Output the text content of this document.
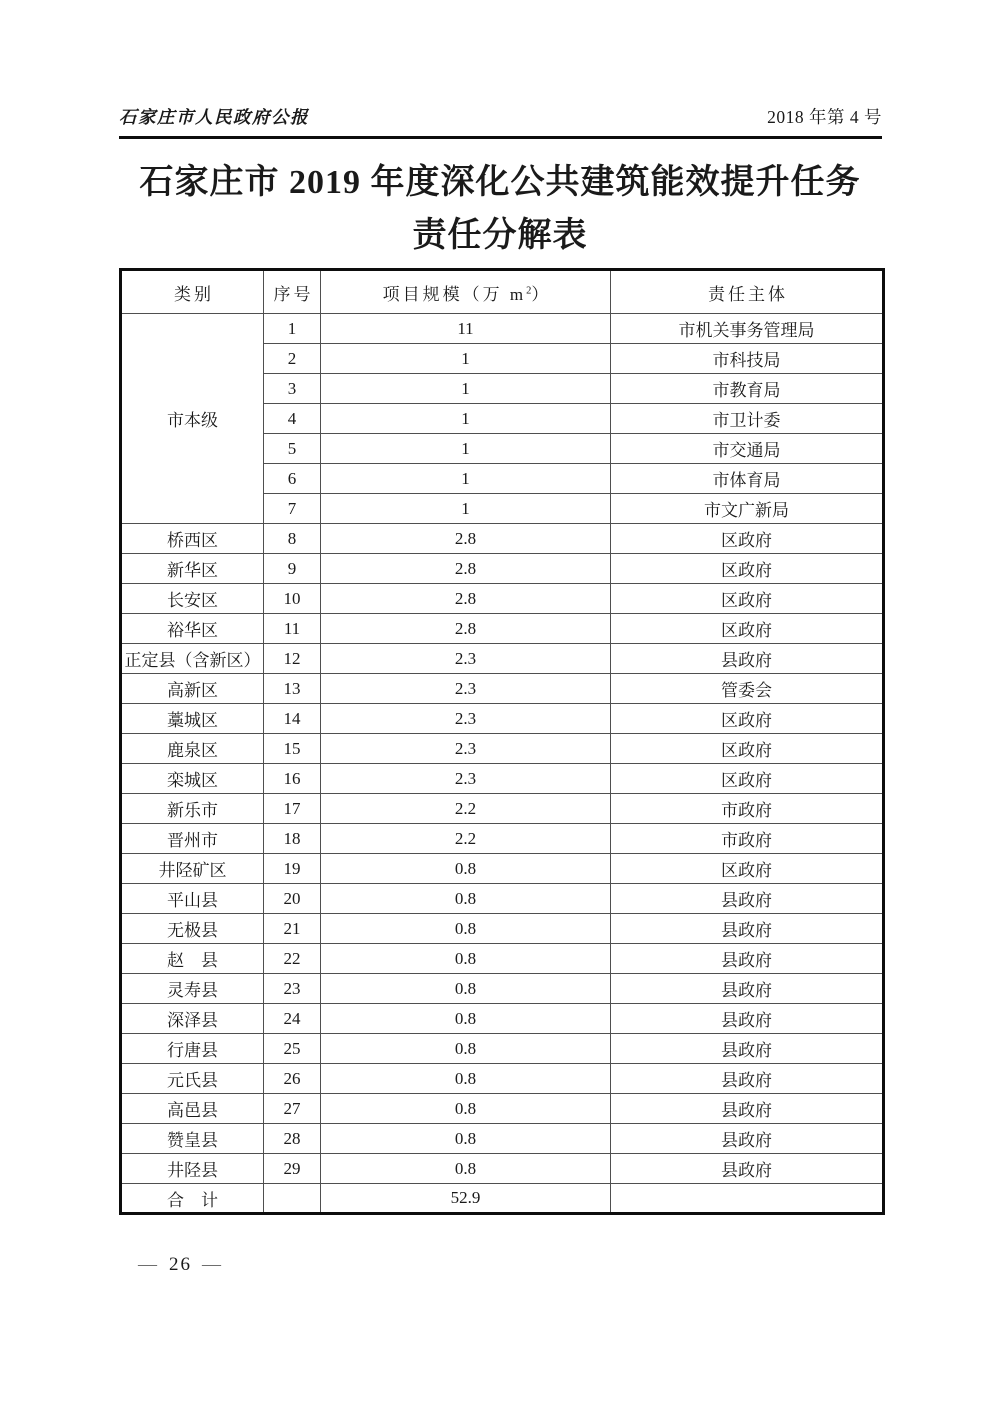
石家庄市人民政府公报	2018 年第 4 号
石家庄市 2019 年度深化公共建筑能效提升任务
责任分解表
类别	序号	项目规模（万 $m^2$）	责任主体
市本级	1	11	市机关事务管理局
	2	1	市科技局
	3	1	市教育局
	4	1	市卫计委
	5	1	市交通局
	6	1	市体育局
	7	1	市文广新局
桥西区	8	2.8	区政府
新华区	9	2.8	区政府
长安区	10	2.8	区政府
裕华区	11	2.8	区政府
正定县（含新区）	12	2.3	县政府
高新区	13	2.3	管委会
藁城区	14	2.3	区政府
鹿泉区	15	2.3	区政府
栾城区	16	2.3	区政府
新乐市	17	2.2	市政府
晋州市	18	2.2	市政府
井陉矿区	19	0.8	区政府
平山县	20	0.8	县政府
无极县	21	0.8	县政府
赵　县	22	0.8	县政府
灵寿县	23	0.8	县政府
深泽县	24	0.8	县政府
行唐县	25	0.8	县政府
元氏县	26	0.8	县政府
高邑县	27	0.8	县政府
赞皇县	28	0.8	县政府
井陉县	29	0.8	县政府
合　计		52.9	
— 26 —
